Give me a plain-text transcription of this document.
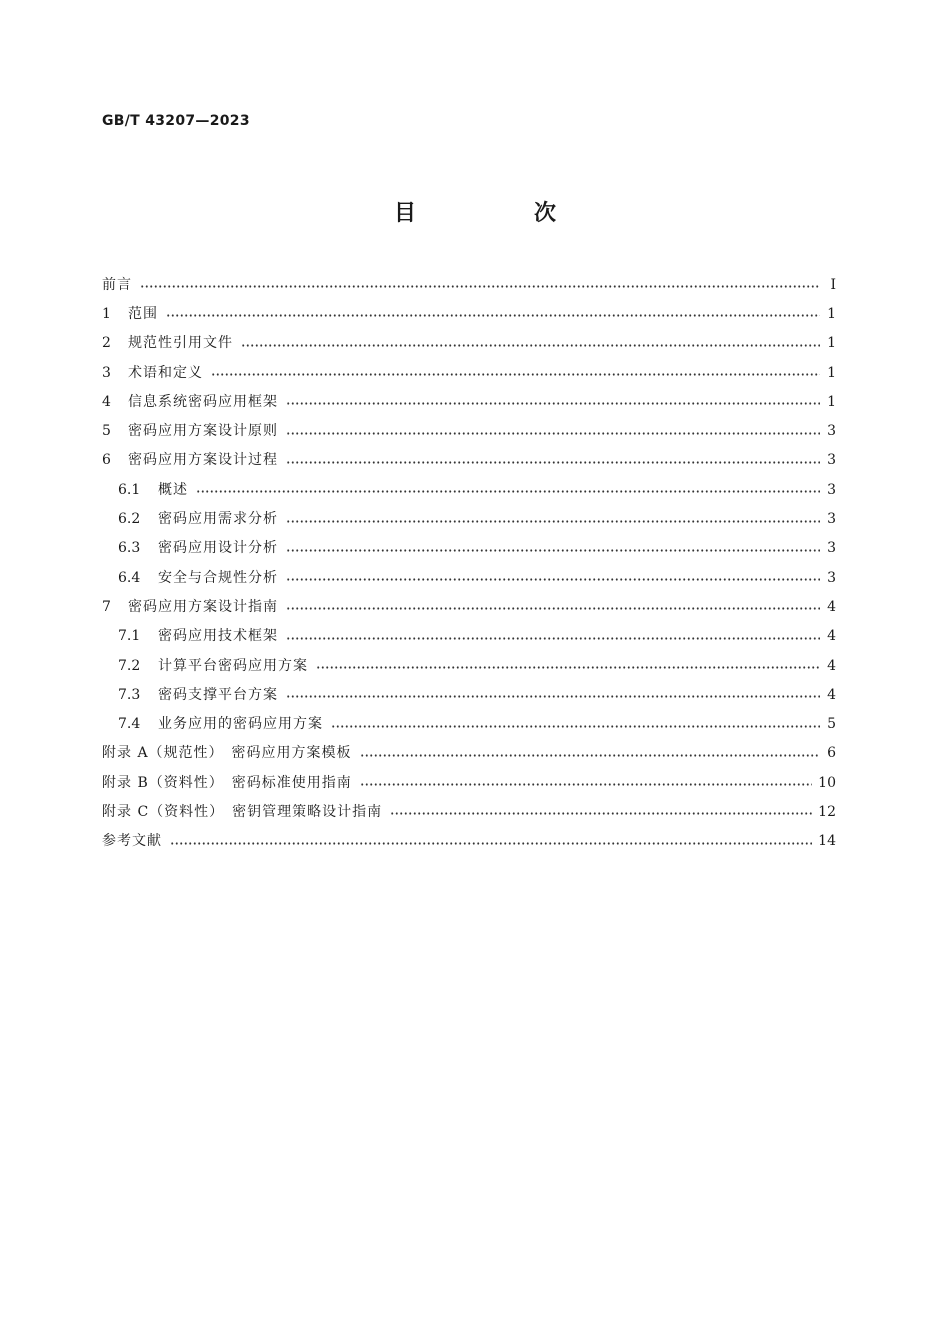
GB/T 43207—2023
目　次
前言	Ⅰ
1	范围	1
2	规范性引用文件	1
3	术语和定义	1
4	信息系统密码应用框架	1
5	密码应用方案设计原则	3
6	密码应用方案设计过程	3
6.1	概述	3
6.2	密码应用需求分析	3
6.3	密码应用设计分析	3
6.4	安全与合规性分析	3
7	密码应用方案设计指南	4
7.1	密码应用技术框架	4
7.2	计算平台密码应用方案	4
7.3	密码支撑平台方案	4
7.4	业务应用的密码应用方案	5
附录 A（规范性）　密码应用方案模板	6
附录 B（资料性）　密码标准使用指南	10
附录 C（资料性）　密钥管理策略设计指南	12
参考文献	14
